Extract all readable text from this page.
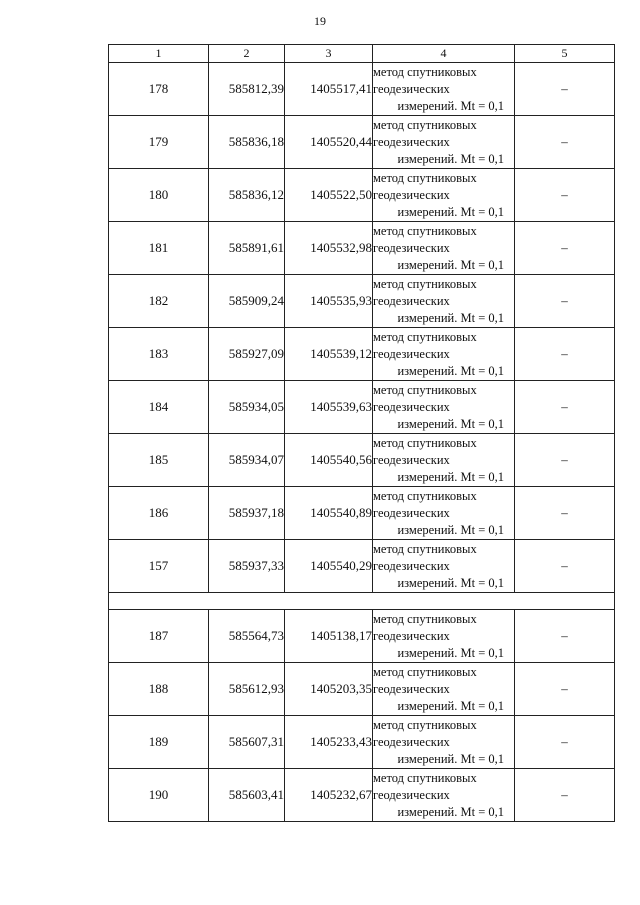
19
1	2	3	4	5
178	585812,39	1405517,41	метод спутниковых
геодезических
измерений. Mt = 0,1	–
179	585836,18	1405520,44	метод спутниковых
геодезических
измерений. Mt = 0,1	–
180	585836,12	1405522,50	метод спутниковых
геодезических
измерений. Mt = 0,1	–
181	585891,61	1405532,98	метод спутниковых
геодезических
измерений. Mt = 0,1	–
182	585909,24	1405535,93	метод спутниковых
геодезических
измерений. Mt = 0,1	–
183	585927,09	1405539,12	метод спутниковых
геодезических
измерений. Mt = 0,1	–
184	585934,05	1405539,63	метод спутниковых
геодезических
измерений. Mt = 0,1	–
185	585934,07	1405540,56	метод спутниковых
геодезических
измерений. Mt = 0,1	–
186	585937,18	1405540,89	метод спутниковых
геодезических
измерений. Mt = 0,1	–
157	585937,33	1405540,29	метод спутниковых
геодезических
измерений. Mt = 0,1	–

187	585564,73	1405138,17	метод спутниковых
геодезических
измерений. Mt = 0,1	–
188	585612,93	1405203,35	метод спутниковых
геодезических
измерений. Mt = 0,1	–
189	585607,31	1405233,43	метод спутниковых
геодезических
измерений. Mt = 0,1	–
190	585603,41	1405232,67	метод спутниковых
геодезических
измерений. Mt = 0,1	–
